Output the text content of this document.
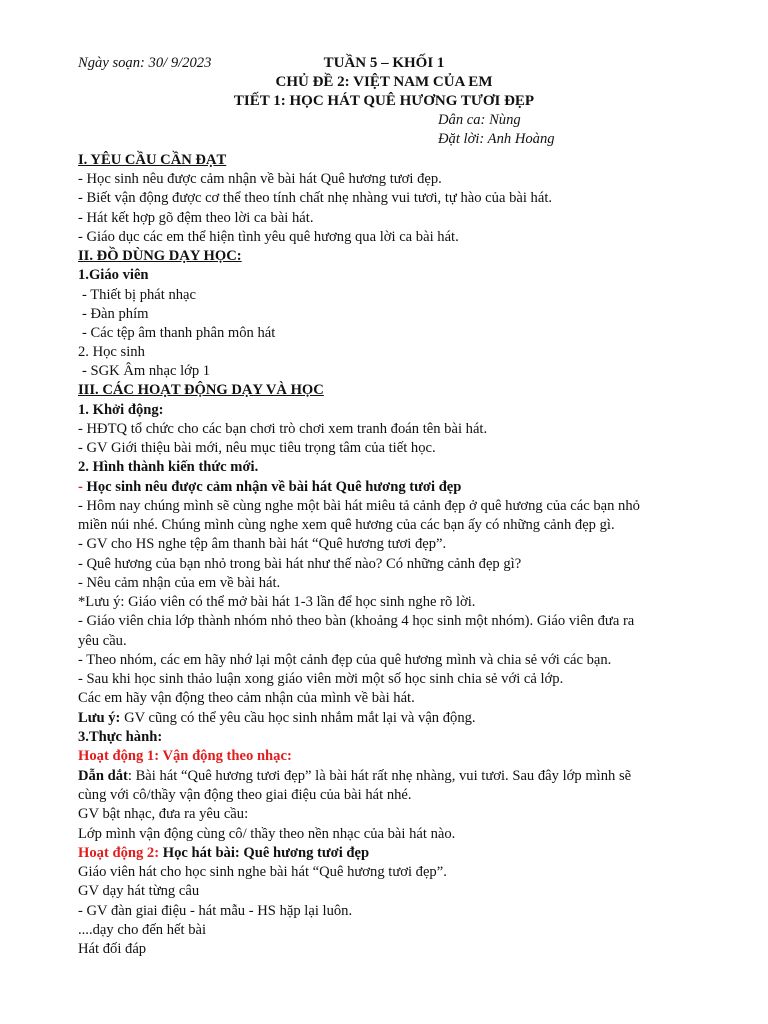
Ngày soạn: 30/ 9/2023	TUẦN 5 – KHỐI 1
CHỦ ĐỀ 2: VIỆT NAM CỦA EM
TIẾT 1: HỌC HÁT QUÊ HƯƠNG TƯƠI ĐẸP
Dân ca: Nùng
Đặt lời: Anh Hoàng
I. YÊU CẦU CẦN ĐẠT
- Học sinh nêu được cảm nhận về bài hát Quê hương tươi đẹp.
- Biết vận động được cơ thể theo tính chất nhẹ nhàng vui tươi, tự hào của bài hát.
- Hát kết hợp gõ đệm theo lời ca bài hát.
- Giáo dục các em thể hiện tình yêu quê hương qua lời ca bài hát.
II. ĐỒ DÙNG DẠY HỌC:
1.Giáo viên
- Thiết bị phát nhạc
- Đàn phím
- Các tệp âm thanh phân môn hát
2. Học sinh
- SGK Âm nhạc lớp 1
III. CÁC HOẠT ĐỘNG DẠY VÀ HỌC
1. Khởi động:
- HĐTQ tổ chức cho các bạn chơi trò chơi xem tranh đoán tên bài hát.
- GV Giới thiệu bài mới, nêu mục tiêu trọng tâm của tiết học.
2. Hình thành kiến thức mới.
- Học sinh nêu được cảm nhận về bài hát Quê hương tươi đẹp
- Hôm nay chúng mình sẽ cùng nghe một bài hát miêu tả cảnh đẹp ở quê hương của các bạn nhỏ
miền núi nhé. Chúng mình cùng nghe xem quê hương của các bạn ấy có những cảnh đẹp gì.
- GV cho HS nghe tệp âm thanh bài hát “Quê hương tươi đẹp”.
- Quê hương của bạn nhỏ trong bài hát như thế nào? Có những cảnh đẹp gì?
- Nêu cảm nhận của em về bài hát.
*Lưu ý: Giáo viên có thể mở bài hát 1-3 lần để học sinh nghe rõ lời.
- Giáo viên chia lớp thành nhóm nhỏ theo bàn (khoảng 4 học sinh một nhóm). Giáo viên đưa ra
yêu cầu.
- Theo nhóm, các em hãy nhớ lại một cảnh đẹp của quê hương mình và chia sẻ với các bạn.
- Sau khi học sinh thảo luận xong giáo viên mời một số học sinh chia sẻ với cả lớp.
Các em hãy vận động theo cảm nhận của mình về bài hát.
Lưu ý: GV cũng có thể yêu cầu học sinh nhắm mắt lại và vận động.
3.Thực hành:
Hoạt động 1: Vận động theo nhạc:
Dẫn dắt: Bài hát “Quê hương tươi đẹp” là bài hát rất nhẹ nhàng, vui tươi. Sau đây lớp mình sẽ
cùng với cô/thầy vận động theo giai điệu của bài hát nhé.
GV bật nhạc, đưa ra yêu cầu:
Lớp mình vận động cùng cô/ thầy theo nền nhạc của bài hát nào.
Hoạt động 2: Học hát bài: Quê hương tươi đẹp
Giáo viên hát cho học sinh nghe bài hát “Quê hương tươi đẹp”.
GV dạy hát từng câu
- GV đàn giai điệu - hát mẫu - HS hặp lại luôn.
....dạy cho đến hết bài
Hát đối đáp
